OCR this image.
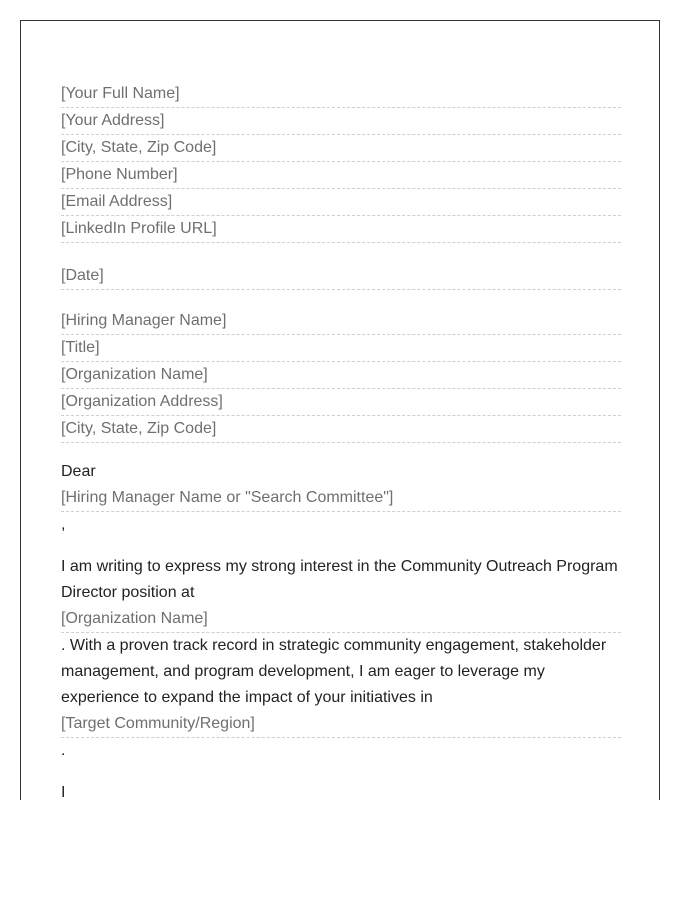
[Your Full Name]
[Your Address]
[City, State, Zip Code]
[Phone Number]
[Email Address]
[LinkedIn Profile URL]
[Date]
[Hiring Manager Name]
[Title]
[Organization Name]
[Organization Address]
[City, State, Zip Code]
Dear
[Hiring Manager Name or "Search Committee"]
,
I am writing to express my strong interest in the Community Outreach Program Director position at
[Organization Name]
. With a proven track record in strategic community engagement, stakeholder management, and program development, I am eager to leverage my experience to expand the impact of your initiatives in
[Target Community/Region]
.
I
